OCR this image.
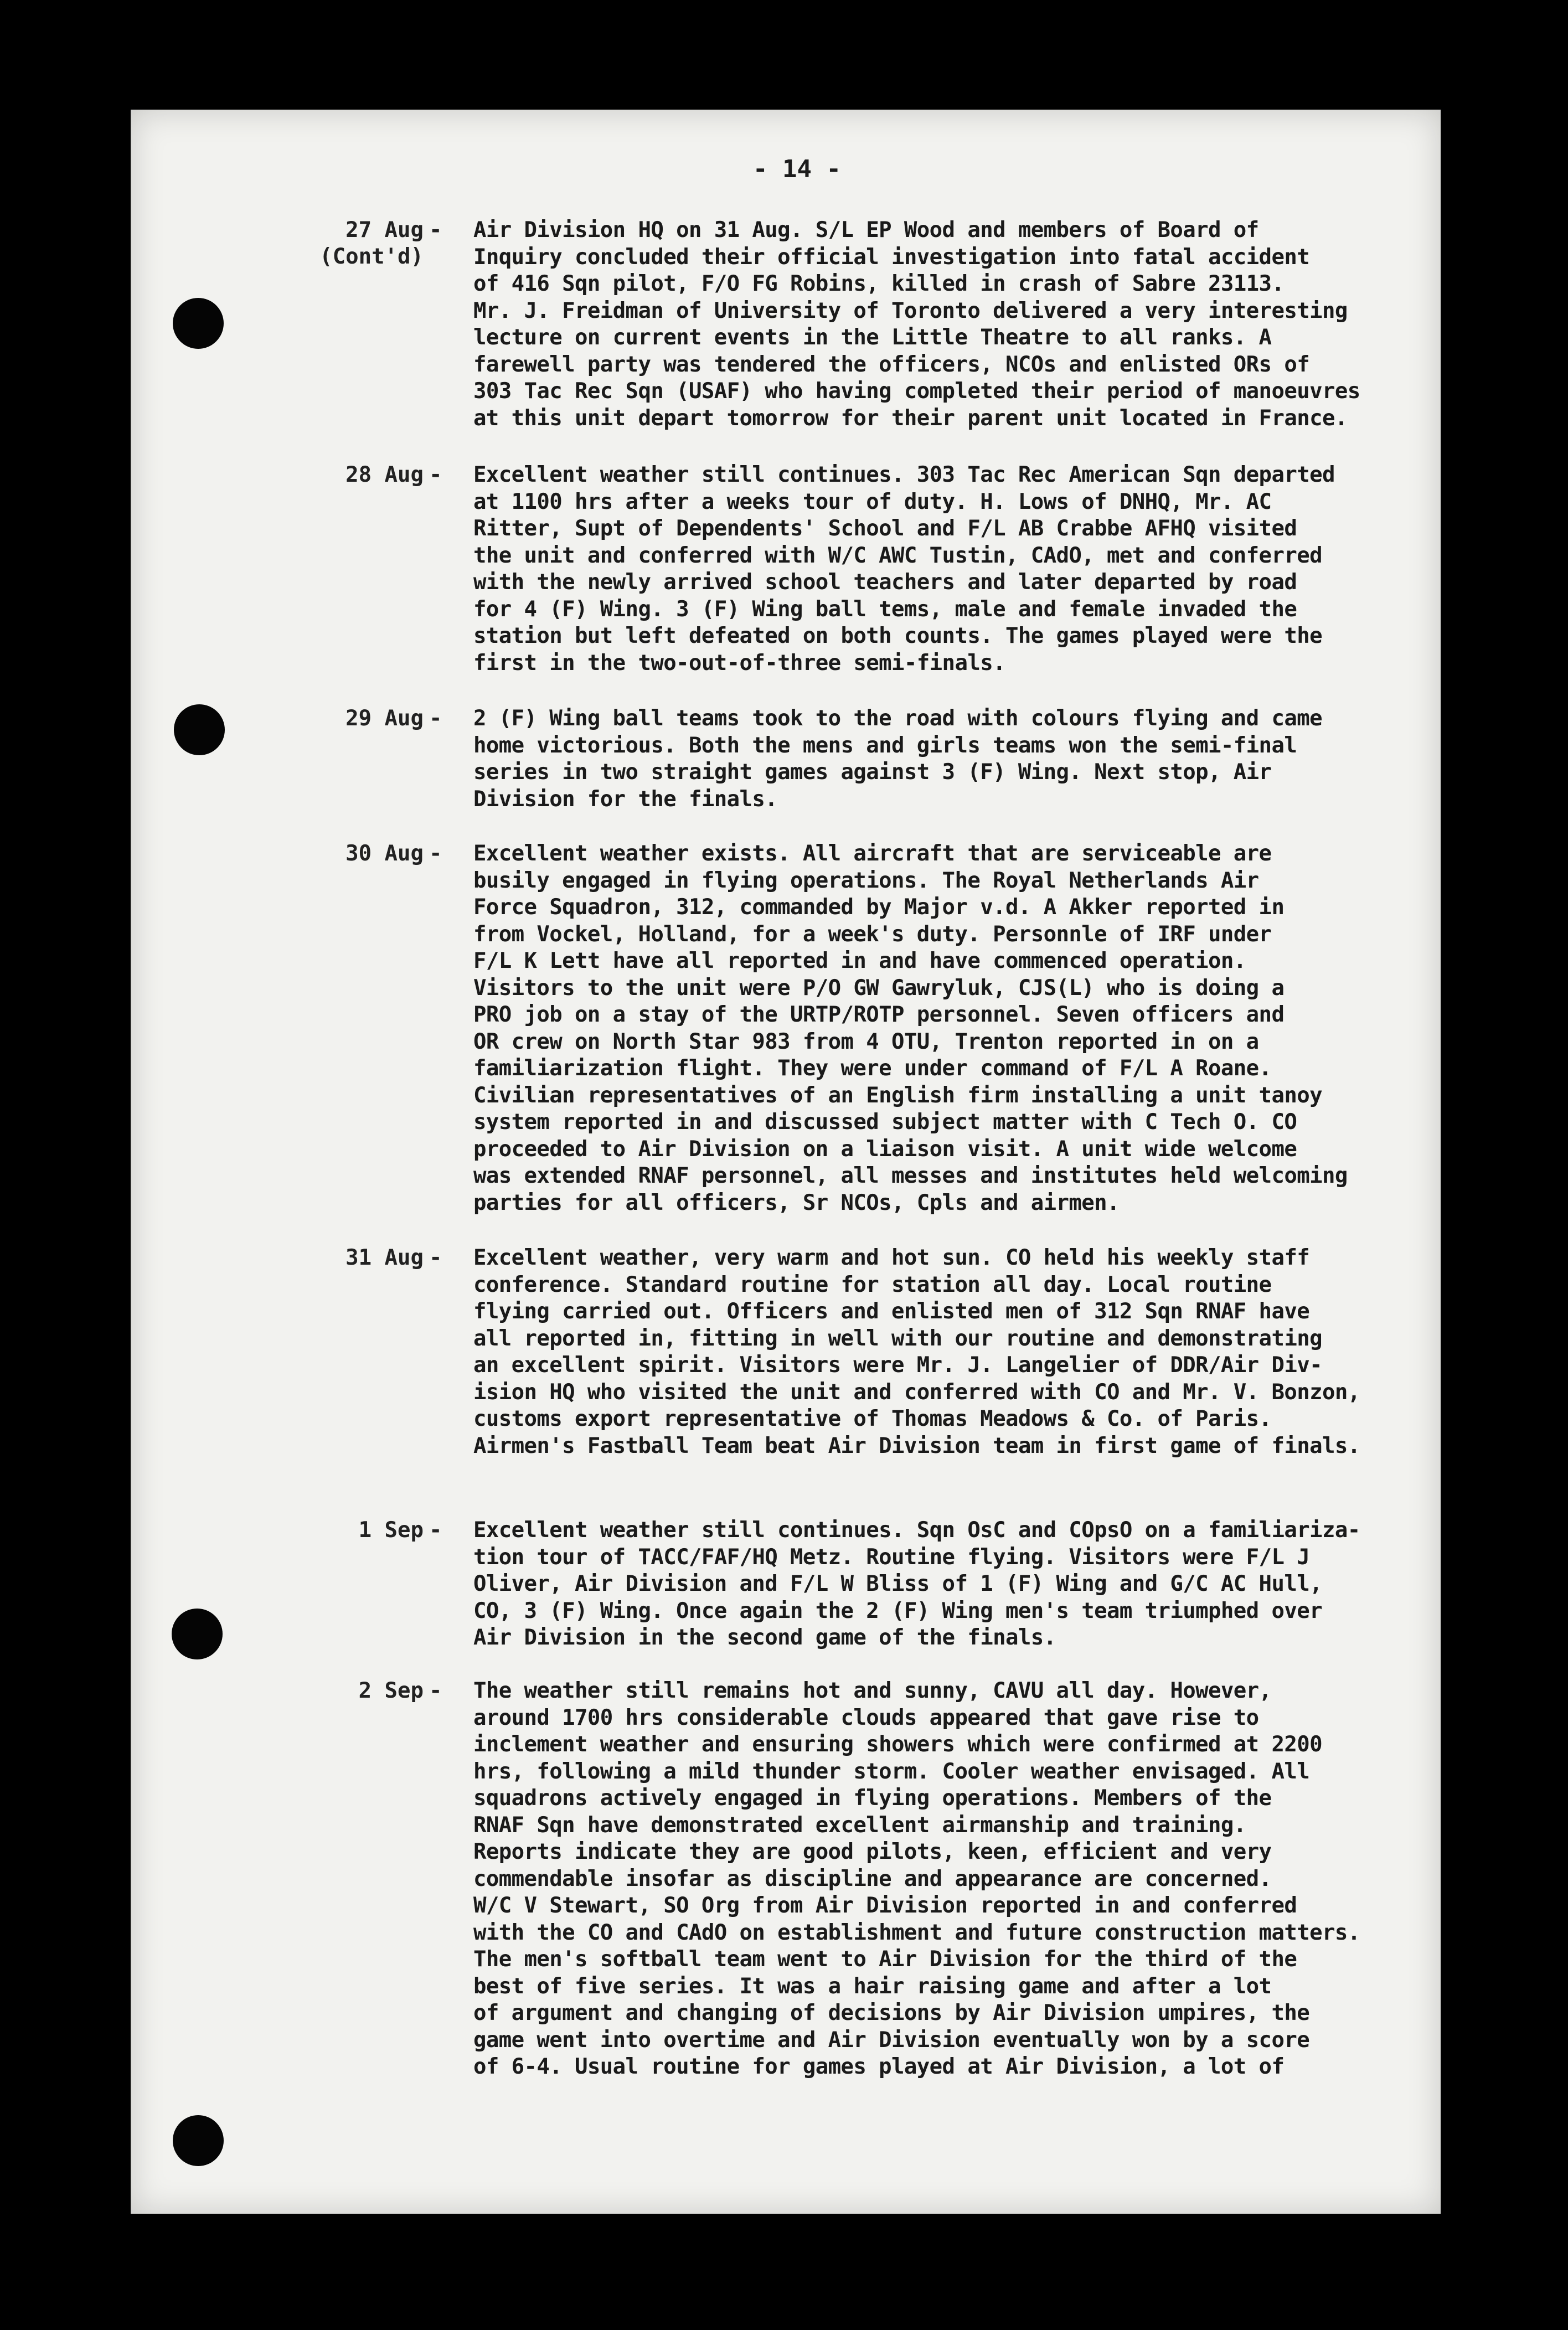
- 14 -
27 Aug
(Cont'd)
- Air Division HQ on 31 Aug. S/L EP Wood and members of Board of
Inquiry concluded their official investigation into fatal accident
of 416 Sqn pilot, F/O FG Robins, killed in crash of Sabre 23113.
Mr. J. Freidman of University of Toronto delivered a very interesting
lecture on current events in the Little Theatre to all ranks. A
farewell party was tendered the officers, NCOs and enlisted ORs of
303 Tac Rec Sqn (USAF) who having completed their period of manoeuvres
at this unit depart tomorrow for their parent unit located in France.
28 Aug - Excellent weather still continues. 303 Tac Rec American Sqn departed
at 1100 hrs after a weeks tour of duty. H. Lows of DNHQ, Mr. AC
Ritter, Supt of Dependents' School and F/L AB Crabbe AFHQ visited
the unit and conferred with W/C AWC Tustin, CAdO, met and conferred
with the newly arrived school teachers and later departed by road
for 4 (F) Wing. 3 (F) Wing ball tems, male and female invaded the
station but left defeated on both counts. The games played were the
first in the two-out-of-three semi-finals.
29 Aug - 2 (F) Wing ball teams took to the road with colours flying and came
home victorious. Both the mens and girls teams won the semi-final
series in two straight games against 3 (F) Wing. Next stop, Air
Division for the finals.
30 Aug - Excellent weather exists. All aircraft that are serviceable are
busily engaged in flying operations. The Royal Netherlands Air
Force Squadron, 312, commanded by Major v.d. A Akker reported in
from Vockel, Holland, for a week's duty. Personnle of IRF under
F/L K Lett have all reported in and have commenced operation.
Visitors to the unit were P/O GW Gawryluk, CJS(L) who is doing a
PRO job on a stay of the URTP/ROTP personnel. Seven officers and
OR crew on North Star 983 from 4 OTU, Trenton reported in on a
familiarization flight. They were under command of F/L A Roane.
Civilian representatives of an English firm installing a unit tanoy
system reported in and discussed subject matter with C Tech O. CO
proceeded to Air Division on a liaison visit. A unit wide welcome
was extended RNAF personnel, all messes and institutes held welcoming
parties for all officers, Sr NCOs, Cpls and airmen.
31 Aug - Excellent weather, very warm and hot sun. CO held his weekly staff
conference. Standard routine for station all day. Local routine
flying carried out. Officers and enlisted men of 312 Sqn RNAF have
all reported in, fitting in well with our routine and demonstrating
an excellent spirit. Visitors were Mr. J. Langelier of DDR/Air Div-
ision HQ who visited the unit and conferred with CO and Mr. V. Bonzon,
customs export representative of Thomas Meadows & Co. of Paris.
Airmen's Fastball Team beat Air Division team in first game of finals.
1 Sep - Excellent weather still continues. Sqn OsC and COpsO on a familiariza-
tion tour of TACC/FAF/HQ Metz. Routine flying. Visitors were F/L J
Oliver, Air Division and F/L W Bliss of 1 (F) Wing and G/C AC Hull,
CO, 3 (F) Wing. Once again the 2 (F) Wing men's team triumphed over
Air Division in the second game of the finals.
2 Sep - The weather still remains hot and sunny, CAVU all day. However,
around 1700 hrs considerable clouds appeared that gave rise to
inclement weather and ensuring showers which were confirmed at 2200
hrs, following a mild thunder storm. Cooler weather envisaged. All
squadrons actively engaged in flying operations. Members of the
RNAF Sqn have demonstrated excellent airmanship and training.
Reports indicate they are good pilots, keen, efficient and very
commendable insofar as discipline and appearance are concerned.
W/C V Stewart, SO Org from Air Division reported in and conferred
with the CO and CAdO on establishment and future construction matters.
The men's softball team went to Air Division for the third of the
best of five series. It was a hair raising game and after a lot
of argument and changing of decisions by Air Division umpires, the
game went into overtime and Air Division eventually won by a score
of 6-4. Usual routine for games played at Air Division, a lot of
